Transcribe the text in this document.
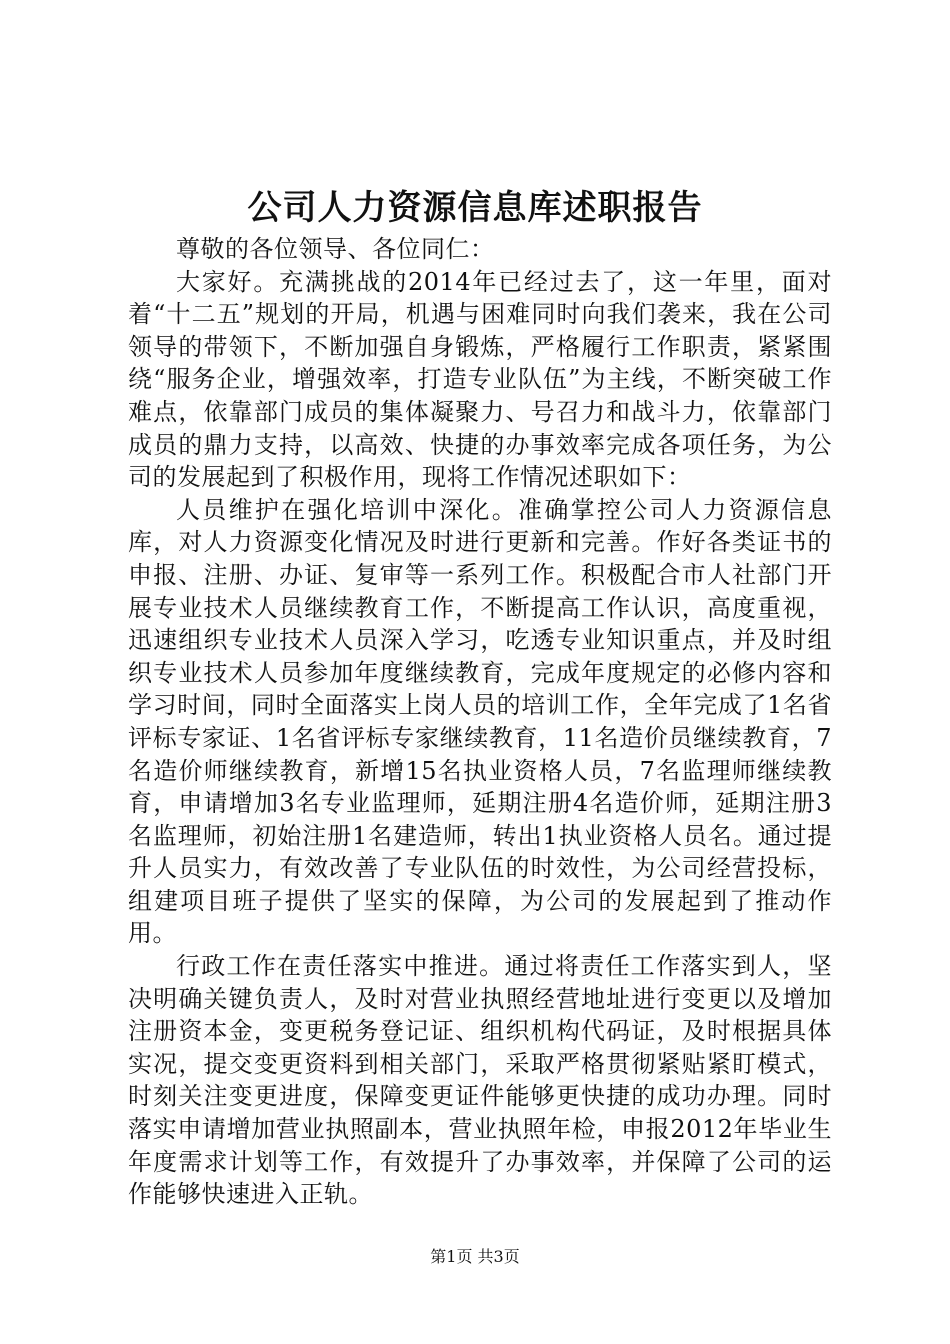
公司人力资源信息库述职报告

尊敬的各位领导、各位同仁：

大家好。充满挑战的2014年已经过去了，这一年里，面对着“十二五”规划的开局，机遇与困难同时向我们袭来，我在公司领导的带领下，不断加强自身锻炼，严格履行工作职责，紧紧围绕“服务企业，增强效率，打造专业队伍”为主线，不断突破工作难点，依靠部门成员的集体凝聚力、号召力和战斗力，依靠部门成员的鼎力支持，以高效、快捷的办事效率完成各项任务，为公司的发展起到了积极作用，现将工作情况述职如下：

人员维护在强化培训中深化。准确掌控公司人力资源信息库，对人力资源变化情况及时进行更新和完善。作好各类证书的申报、注册、办证、复审等一系列工作。积极配合市人社部门开展专业技术人员继续教育工作，不断提高工作认识，高度重视，迅速组织专业技术人员深入学习，吃透专业知识重点，并及时组织专业技术人员参加年度继续教育，完成年度规定的必修内容和学习时间，同时全面落实上岗人员的培训工作，全年完成了1名省评标专家证、1名省评标专家继续教育，11名造价员继续教育，7名造价师继续教育，新增15名执业资格人员，7名监理师继续教育，申请增加3名专业监理师，延期注册4名造价师，延期注册3名监理师，初始注册1名建造师，转出1执业资格人员名。通过提升人员实力，有效改善了专业队伍的时效性，为公司经营投标，组建项目班子提供了坚实的保障，为公司的发展起到了推动作用。

行政工作在责任落实中推进。通过将责任工作落实到人，坚决明确关键负责人，及时对营业执照经营地址进行变更以及增加注册资本金，变更税务登记证、组织机构代码证，及时根据具体实况，提交变更资料到相关部门，采取严格贯彻紧贴紧盯模式，时刻关注变更进度，保障变更证件能够更快捷的成功办理。同时落实申请增加营业执照副本，营业执照年检，申报2012年毕业生年度需求计划等工作，有效提升了办事效率，并保障了公司的运作能够快速进入正轨。

第1页 共3页
